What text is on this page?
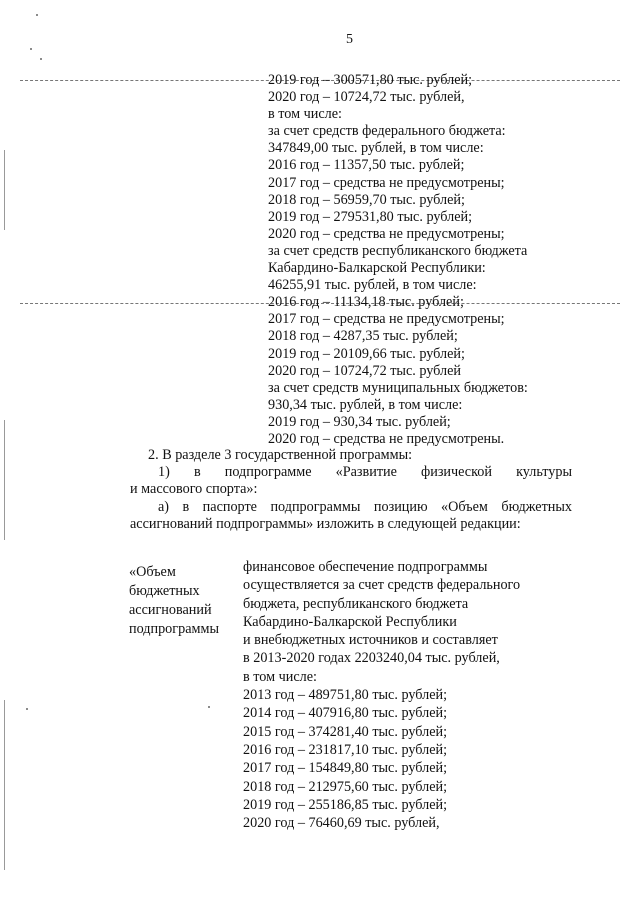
5
2019 год – 300571,80 тыс. рублей;
2020 год – 10724,72 тыс. рублей,
в том числе:
за счет средств федерального бюджета:
347849,00 тыс. рублей, в том числе:
2016 год – 11357,50 тыс. рублей;
2017 год – средства не предусмотрены;
2018 год – 56959,70 тыс. рублей;
2019 год – 279531,80 тыс. рублей;
2020 год – средства не предусмотрены;
за счет средств республиканского бюджета
Кабардино-Балкарской Республики:
46255,91 тыс. рублей, в том числе:
2016 год – 11134,18 тыс. рублей;
2017 год – средства не предусмотрены;
2018 год – 4287,35 тыс. рублей;
2019 год – 20109,66 тыс. рублей;
2020 год – 10724,72 тыс. рублей
за счет средств муниципальных бюджетов:
930,34 тыс. рублей, в том числе:
2019 год – 930,34 тыс. рублей;
2020 год – средства не предусмотрены.
2. В разделе 3 государственной программы:
1) в подпрограмме «Развитие физической культуры
и массового спорта»:
а) в паспорте подпрограммы позицию «Объем бюджетных
ассигнований подпрограммы» изложить в следующей редакции:
«Объем
бюджетных
ассигнований
подпрограммы
финансовое обеспечение подпрограммы
осуществляется за счет средств федерального
бюджета, республиканского бюджета
Кабардино-Балкарской Республики
и внебюджетных источников и составляет
в 2013-2020 годах 2203240,04 тыс. рублей,
в том числе:
2013 год – 489751,80 тыс. рублей;
2014 год – 407916,80 тыс. рублей;
2015 год – 374281,40 тыс. рублей;
2016 год – 231817,10 тыс. рублей;
2017 год – 154849,80 тыс. рублей;
2018 год – 212975,60 тыс. рублей;
2019 год – 255186,85 тыс. рублей;
2020 год – 76460,69 тыс. рублей,
